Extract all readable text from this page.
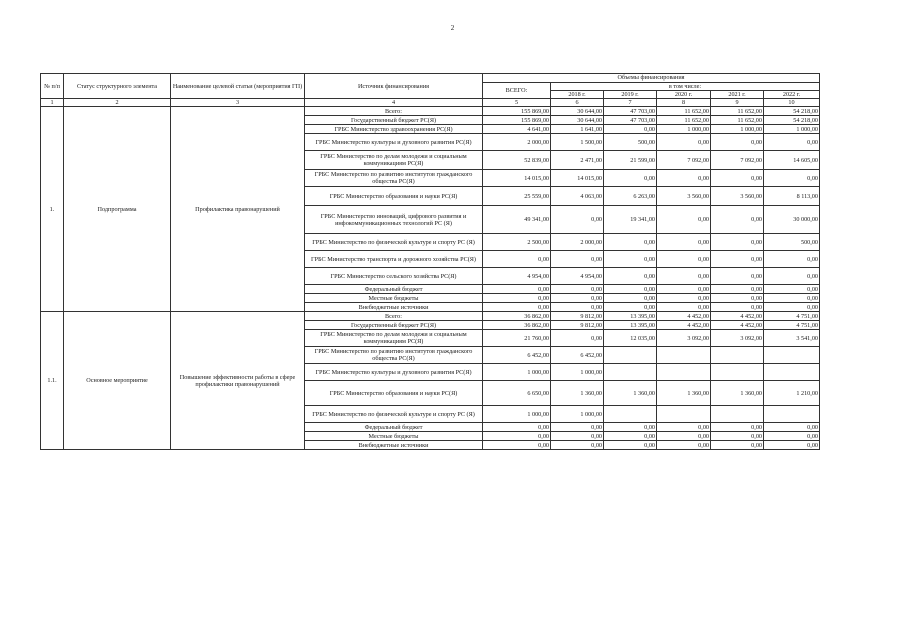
2
№ п/п	Статус структурного элемента	Наименование целевой статьи (мероприятия ГП)	Источник финансирования	Объемы финансирования					
				ВСЕГО:	в том числе:				
					2018 г.	2019 г.	2020 г.	2021 г.	2022 г.
1	2	3	4	5	6	7	8	9	10
1.	Подпрограмма	Профилактика правонарушений	Всего:	155 869,00	30 644,00	47 703,00	11 652,00	11 652,00	54 218,00
			Государственный бюджет РС(Я)	155 869,00	30 644,00	47 703,00	11 652,00	11 652,00	54 218,00
			ГРБС Министерство здравоохранения РС(Я)	4 641,00	1 641,00	0,00	1 000,00	1 000,00	1 000,00
			ГРБС Министерство культуры и духовного развития РС(Я)	2 000,00	1 500,00	500,00	0,00	0,00	0,00
			ГРБС Министерство по делам молодежи и социальным коммуникациям РС(Я)	52 839,00	2 471,00	21 599,00	7 092,00	7 092,00	14 605,00
			ГРБС Министерство по развитию институтов гражданского общества РС(Я)	14 015,00	14 015,00	0,00	0,00	0,00	0,00
			ГРБС Министерство образования и науки РС(Я)	25 559,00	4 063,00	6 263,00	3 560,00	3 560,00	8 113,00
			ГРБС Министерство инноваций, цифрового развития и инфокоммуникационных технологий РС (Я)	49 341,00	0,00	19 341,00	0,00	0,00	30 000,00
			ГРБС Министерство по физической культуре и спорту РС (Я)	2 500,00	2 000,00	0,00	0,00	0,00	500,00
			ГРБС Министерство транспорта и дорожного хозяйства РС(Я)	0,00	0,00	0,00	0,00	0,00	0,00
			ГРБС Министерство сельского хозяйства РС(Я)	4 954,00	4 954,00	0,00	0,00	0,00	0,00
			Федеральный бюджет	0,00	0,00	0,00	0,00	0,00	0,00
			Местные бюджеты	0,00	0,00	0,00	0,00	0,00	0,00
			Внебюджетные источники	0,00	0,00	0,00	0,00	0,00	0,00
1.1.	Основное мероприятие	Повышение эффективности работы в сфере профилактики правонарушений	Всего:	36 862,00	9 812,00	13 395,00	4 452,00	4 452,00	4 751,00
			Государственный бюджет РС(Я)	36 862,00	9 812,00	13 395,00	4 452,00	4 452,00	4 751,00
			ГРБС Министерство по делам молодежи и социальным коммуникациям РС(Я)	21 760,00	0,00	12 035,00	3 092,00	3 092,00	3 541,00
			ГРБС Министерство по развитию институтов гражданского общества РС(Я)	6 452,00	6 452,00				
			ГРБС Министерство культуры и духовного развития РС(Я)	1 000,00	1 000,00				
			ГРБС Министерство образования и науки РС(Я)	6 650,00	1 360,00	1 360,00	1 360,00	1 360,00	1 210,00
			ГРБС Министерство по физической культуре и спорту РС (Я)	1 000,00	1 000,00				
			Федеральный бюджет	0,00	0,00	0,00	0,00	0,00	0,00
			Местные бюджеты	0,00	0,00	0,00	0,00	0,00	0,00
			Внебюджетные источники	0,00	0,00	0,00	0,00	0,00	0,00
